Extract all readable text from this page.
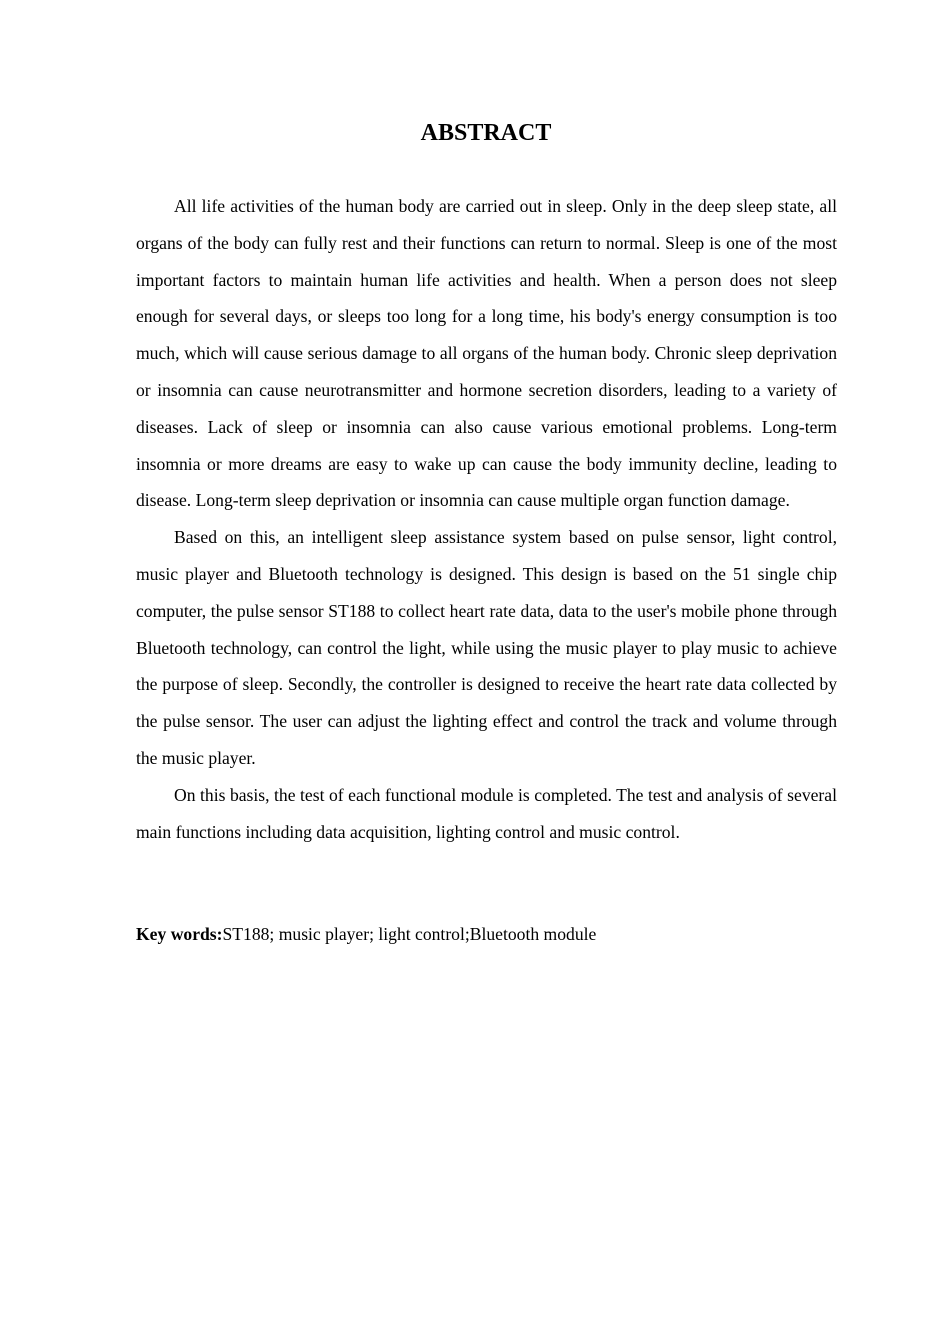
ABSTRACT

All life activities of the human body are carried out in sleep. Only in the deep sleep state, all organs of the body can fully rest and their functions can return to normal. Sleep is one of the most important factors to maintain human life activities and health. When a person does not sleep enough for several days, or sleeps too long for a long time, his body's energy consumption is too much, which will cause serious damage to all organs of the human body. Chronic sleep deprivation or insomnia can cause neurotransmitter and hormone secretion disorders, leading to a variety of diseases. Lack of sleep or insomnia can also cause various emotional problems. Long-term insomnia or more dreams are easy to wake up can cause the body immunity decline, leading to disease. Long-term sleep deprivation or insomnia can cause multiple organ function damage.

Based on this, an intelligent sleep assistance system based on pulse sensor, light control, music player and Bluetooth technology is designed. This design is based on the 51 single chip computer, the pulse sensor ST188 to collect heart rate data, data to the user's mobile phone through Bluetooth technology, can control the light, while using the music player to play music to achieve the purpose of sleep. Secondly, the controller is designed to receive the heart rate data collected by the pulse sensor. The user can adjust the lighting effect and control the track and volume through the music player.

On this basis, the test of each functional module is completed. The test and analysis of several main functions including data acquisition, lighting control and music control.

Key words:ST188; music player; light control;Bluetooth module
